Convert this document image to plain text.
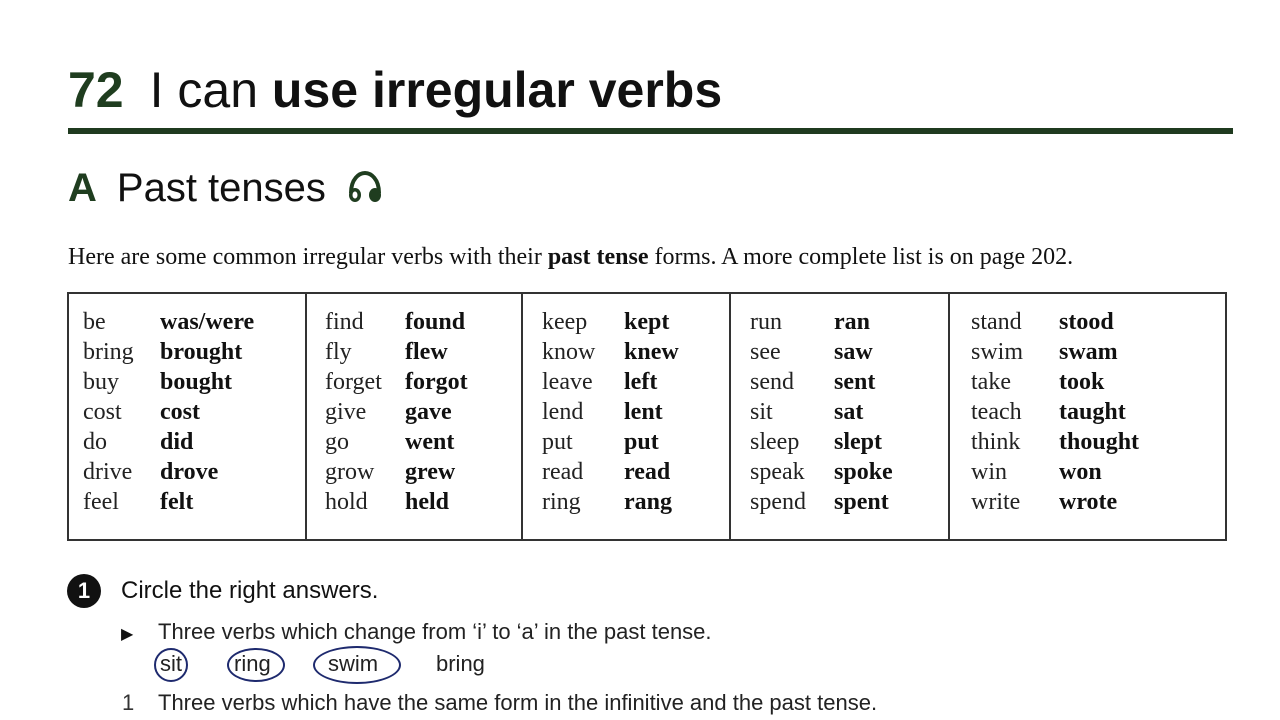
72 I can use irregular verbs
A Past tenses
Here are some common irregular verbs with their past tense forms. A more complete list is on page 202.
be	was/were
bring	brought
buy	bought
cost	cost
do	did
drive	drove
feel	felt
find	found
fly	flew
forget forgot
give	gave
go	went
grow	grew
hold	held
keep	kept
know	knew
leave	left
lend	lent
put	put
read	read
ring	rang
run	ran
see	saw
send	sent
sit	sat
sleep	slept
speak	spoke
spend	spent
stand	stood
swim	swam
take	took
teach	taught
think	thought
win	won
write	wrote
1	Circle the right answers.
▶ Three verbs which change from ‘i’ to ‘a’ in the past tense.
sit ring	swim	bring
1 Three verbs which have the same form in the infinitive and the past tense.
